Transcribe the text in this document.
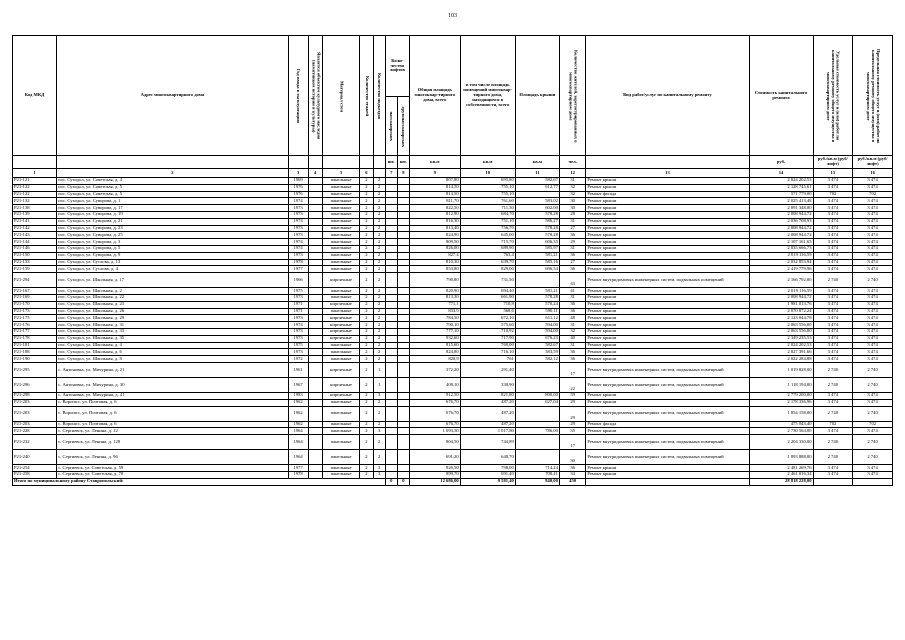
103
Код МКД	Адрес многоквартирного дома	Год ввода в эксплуатацию	Является объектом культурного наследия (памятником истории и культуры)	Материал стен	Количество этажей	Количество подъездов	Коли-чество лифтов		Общая площадь многоквар-тирного дома, всего	в том числе площадь помещений многоквар-тирного дома, находящихся в собственности, всего	Площадь крыши	Количество жителей, зарегистрированных в многоквартирном доме	Вид работ/услуг по капитальному ремонту	Стоимость капитального ремонта	Удельная стоимость услуг и (или) работ по капитальному ремонту общего имущества в многоквартирном доме	Предельная стоимость услуг и (или) работ по капитальному ремонту общего имущества в многоквартирном доме
							пассажирских	грузопассажирских								
							шт.	шт.	кв.м	кв.м	кв.м	чел.		руб.	руб./кв.м (руб/лифт)	руб./кв.м (руб/лифт)
1	2	3	4	5	6		7	8	9	10	11	12	13	14	15	16
Р21-121	пос. Суходол, ул. Советская, д. 4	1969		панельные	2	2			807,80	695,80	582,67	31	Ремонт крыши	2 024 202,53	3 474	3 474
Р21-122	пос. Суходол, ул. Советская, д. 5	1976		панельные	2	2			814,50	755,10	612,77	32	Ремонт крыши	2 128 745,61	3 474	3 474
Р21-122	пос. Суходол, ул. Советская, д. 5	1976		панельные	2	2			814,50	755,10		32	Ремонт фасада	571 779,00	702	702
Р21-132	пос. Суходол, ул. Суворова, д. 1	1974		панельные	2	2			811,70	761,60	583,02	30	Ремонт крыши	2 025 413,48	3 474	3 474
Р21-138	пос. Суходол, ул. Суворова, д. 17	1973		панельные	2	2			822,50	711,30	602,00	30	Ремонт крыши	2 091 348,00	3 474	3 474
Р21-139	пос. Суходол, ул. Суворова, д. 19	1973		панельные	2	2			812,90	684,70	578,28	28	Ремонт крыши	2 008 944,72	3 474	3 474
Р21-141	пос. Суходол, ул. Суворова, д. 21	1974		панельные	2	2			816,30	751,10	586,27	31	Ремонт крыши	2 036 708,93	3 474	3 474
Р21-142	пос. Суходол, ул. Суворова, д. 23	1973		панельные	2	2			813,40	756,70	578,28	27	Ремонт крыши	2 008 944,72	3 474	3 474
Р21-143	пос. Суходол, ул. Суворова, д. 25	1973		панельные	2	2			824,90	645,00	578,28	36	Ремонт крыши	2 008 944,72	3 474	3 474
Р21-144	пос. Суходол, ул. Суворова, д. 3	1974		панельные	2	2			809,50	715,70	606,35	29	Ремонт крыши	2 107 161,65	3 474	3 474
Р21-146	пос. Суходол, ул. Суворова, д. 5	1974		панельные	2	2			826,00	689,90	585,97	31	Ремонт крыши	2 035 666,73	3 474	3 474
Р21-150	пос. Суходол, ул. Суворова, д. 9	1973		панельные	2	2			827,4	763,4	581,21	36	Ремонт крыши	2 019 116,59	3 474	3 474
Р21-153	пос. Суходол, ул. Суслова, д. 13	1978		панельные	2	2			810,30	639,70	585,16	27	Ремонт крыши	2 032 853,94	3 474	3 474
Р21-159	пос. Суходол, ул. Суслова, д. 4	1977		панельные	2	2			853,80	829,00	696,54	36	Ремонт крыши	2 419 779,96	3 474	3 474
Р21-294	пос. Суходол, ул. Школьная, д. 17	1966		кирпичные	2	2			790,80	731,50		43	Ремонт внутридомовых инженерных систем, подвальных помещений	2 166 792,00	2 740	2 740
Р21-167	пос. Суходол, ул. Школьная, д. 2	1975		панельные	2	2			820,90	694,40	581,21	41	Ремонт крыши	2 019 116,59	3 474	3 474
Р21-169	пос. Суходол, ул. Школьная, д. 22	1973		панельные	2	2			813,30	661,90	578,28	31	Ремонт крыши	2 008 944,72	3 474	3 474
Р21-170	пос. Суходол, ул. Школьная, д. 23	1971		кирпичные	2	2			771,1	710,8	570,24	36	Ремонт крыши	1 981 013,76	3 474	3 474
Р21-173	пос. Суходол, ул. Школьная, д. 26	1971		панельные	2	2			833,9	568,6	596,11	36	Ремонт крыши	2 070 872,24	3 474	3 474
Р21-175	пос. Суходол, ул. Школьная, д. 29	1973		кирпичные	2	2			784,50	672,10	611,12	48	Ремонт крыши	2 123 044,78	3 474	3 474
Р21-176	пос. Суходол, ул. Школьная, д. 31	1974		кирпичные	2	2			790,10	575,60	594,00	31	Ремонт крыши	2 063 556,00	3 474	3 474
Р21-177	пос. Суходол, ул. Школьная, д. 33	1973		кирпичные	2	2			777,10	710,92	594,00	32	Ремонт крыши	2 063 556,00	3 474	3 474
Р21-178	пос. Суходол, ул. Школьная, д. 35	1973		кирпичные	2	2			932,60	717,90	676,23	40	Ремонт крыши	2 349 235,53	3 474	3 474
Р21-181	пос. Суходол, ул. Школьная, д. 4	1975		панельные	2	2			815,60	769,00	582,67	31	Ремонт крыши	2 024 202,53	3 474	3 474
Р21-188	пос. Суходол, ул. Школьная, д. 6	1973		панельные	2	2			824,80	716,10	583,59	36	Ремонт крыши	2 027 391,66	3 474	3 474
Р21-190	пос. Суходол, ул. Школьная, д. 8	1972		панельные	2	2			820,9	761	582,12	36	Ремонт крыши	2 022 284,88	3 474	3 474
Р21-295	с. Антоновка, ул. Мичурина, д. 21	1961		кирпичные	2	1			372,20	291,40		17	Ремонт внутридомовых инженерных систем, подвальных помещений	1 019 828,00	2 740	2 740
Р21-296	с. Антоновка, ул. Мичурина, д. 30	1967		кирпичные	2	1			408,10	330,90		22	Ремонт внутридомовых инженерных систем, подвальных помещений	1 118 194,00	2 740	2 740
Р21-298	с. Антоновка, ул. Мичурина, д. 41	1983		кирпичные	2	3			912,50	821,80	800,00	59	Ремонт крыши	2 779 200,00	3 474	3 474
Р21-203	с. Ворошсс, ул. Почтовая, д. 6	1962		панельные	2	2			676,70	487,20	627,04	29	Ремонт крыши	2 178 336,96	3 474	3 474
Р21-203	с. Ворошсс, ул. Почтовая, д. 6	1962		панельные	2	2			676,70	487,20		29	Ремонт внутридомовых инженерных систем, подвальных помещений	1 854 158,00	2 740	2 740
Р21-203	с. Ворошсс, ул. Почтовая, д. 6	1962		панельные	2	2			676,70	487,20		29	Ремонт фасада	475 043,40	702	702
Р21-228	с. Сергиевск, ул. Ленина, д. 12	1964		панельные	2	3			1 093,50	1 017,80	786,00	35	Ремонт крыши	2 730 564,00	3 474	3 474
Р21-232	с. Сергиевск, ул. Ленина, д. 128	1964		панельные	2	2			804,50	744,89		17	Ремонт внутридомовых инженерных систем, подвальных помещений	2 204 330,00	2 740	2 740
Р21-240	с. Сергиевск, ул. Ленина, д. 96	1964		панельные	2	2			691,20	640,70		30	Ремонт внутридомовых инженерных систем, подвальных помещений	1 893 888,00	2 740	2 740
Р21-254	с. Сергиевск, ул. Советская, д. 59	1977		панельные	2	3			926,50	798,00	714,24	36	Ремонт крыши	2 481 269,76	3 474	3 474
Р21-258	с. Сергиевск, ул. Советская, д. 70	1978		панельные	2	3			899,70	691,40	708,41	34	Ремонт крыши	2 461 016,34	3 474	3 474
Итого по муниципальному району Ставропольский:							0	0	12 686,00	9 581,40	840,00	450		28 818 228,00		
